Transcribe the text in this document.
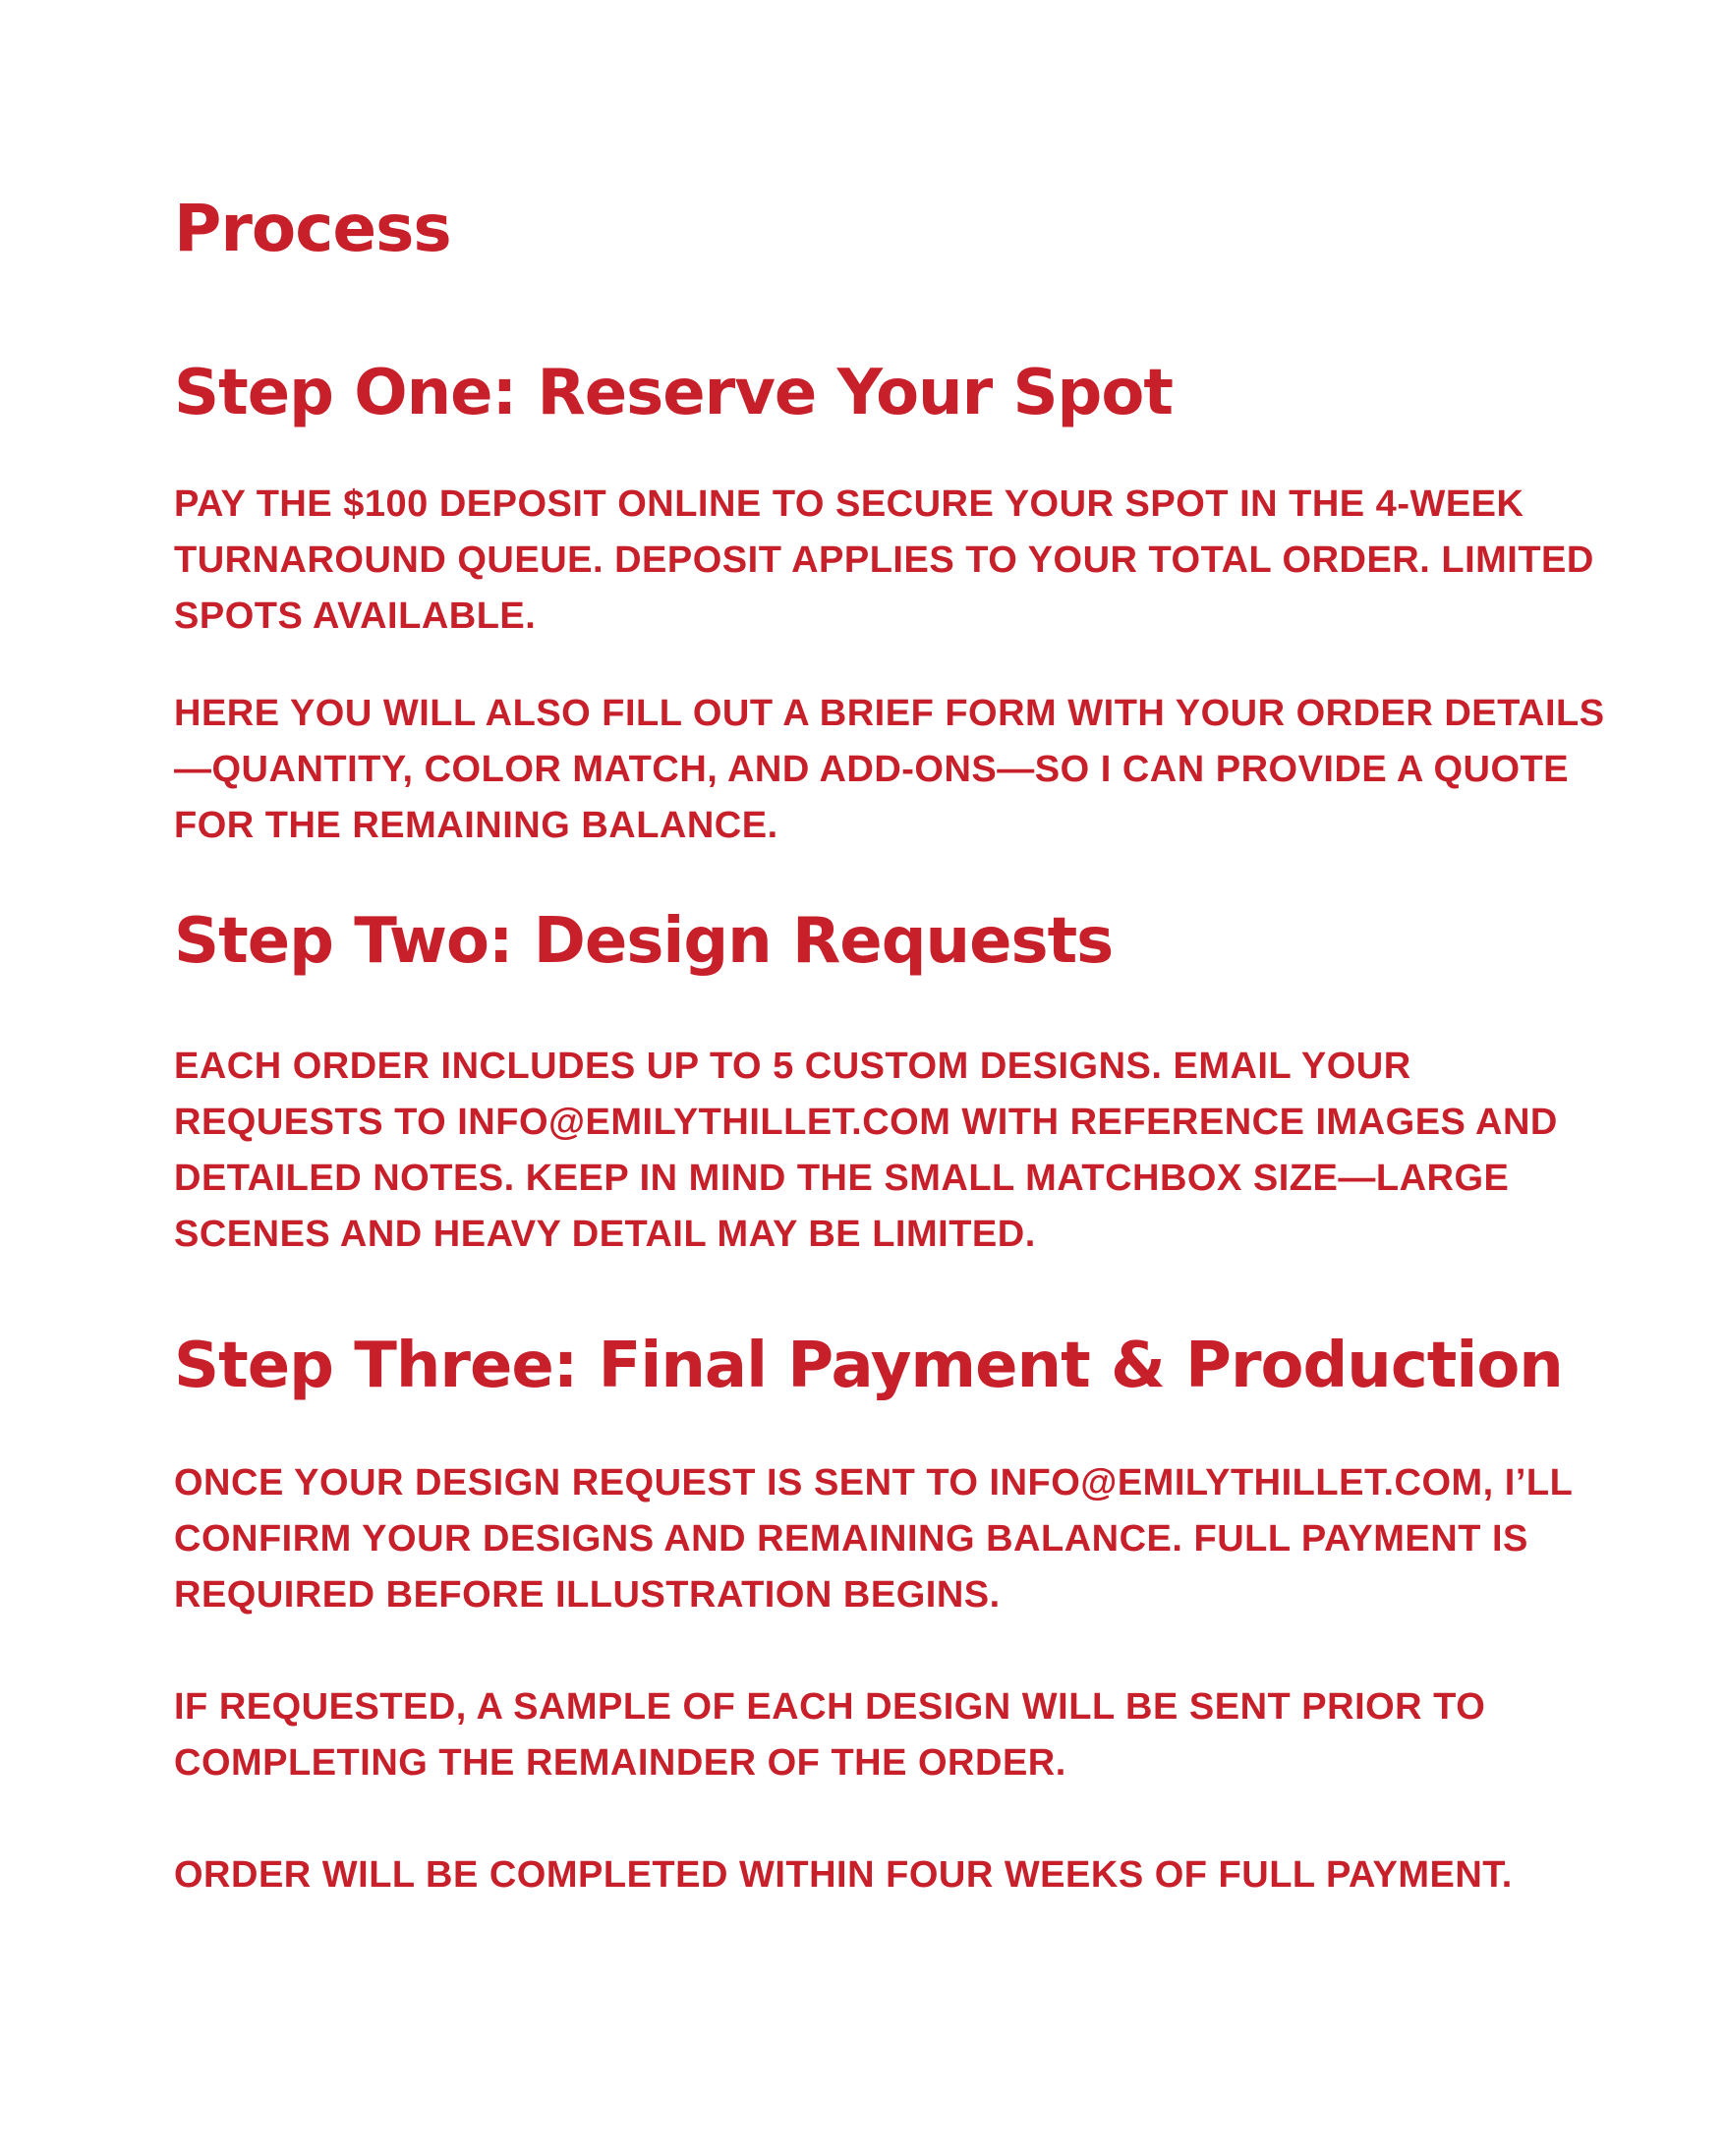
Process
Step One: Reserve Your Spot

PAY THE $100 DEPOSIT ONLINE TO SECURE YOUR SPOT IN THE 4-WEEK TURNAROUND QUEUE. DEPOSIT APPLIES TO YOUR TOTAL ORDER. LIMITED SPOTS AVAILABLE.

HERE YOU WILL ALSO FILL OUT A BRIEF FORM WITH YOUR ORDER DETAILS—QUANTITY, COLOR MATCH, AND ADD-ONS—SO I CAN PROVIDE A QUOTE FOR THE REMAINING BALANCE.

Step Two: Design Requests

EACH ORDER INCLUDES UP TO 5 CUSTOM DESIGNS. EMAIL YOUR REQUESTS TO INFO@EMILYTHILLET.COM WITH REFERENCE IMAGES AND DETAILED NOTES. KEEP IN MIND THE SMALL MATCHBOX SIZE—LARGE SCENES AND HEAVY DETAIL MAY BE LIMITED.

Step Three: Final Payment & Production

ONCE YOUR DESIGN REQUEST IS SENT TO INFO@EMILYTHILLET.COM, I’LL CONFIRM YOUR DESIGNS AND REMAINING BALANCE. FULL PAYMENT IS REQUIRED BEFORE ILLUSTRATION BEGINS.

IF REQUESTED, A SAMPLE OF EACH DESIGN WILL BE SENT PRIOR TO COMPLETING THE REMAINDER OF THE ORDER.

ORDER WILL BE COMPLETED WITHIN FOUR WEEKS OF FULL PAYMENT.
